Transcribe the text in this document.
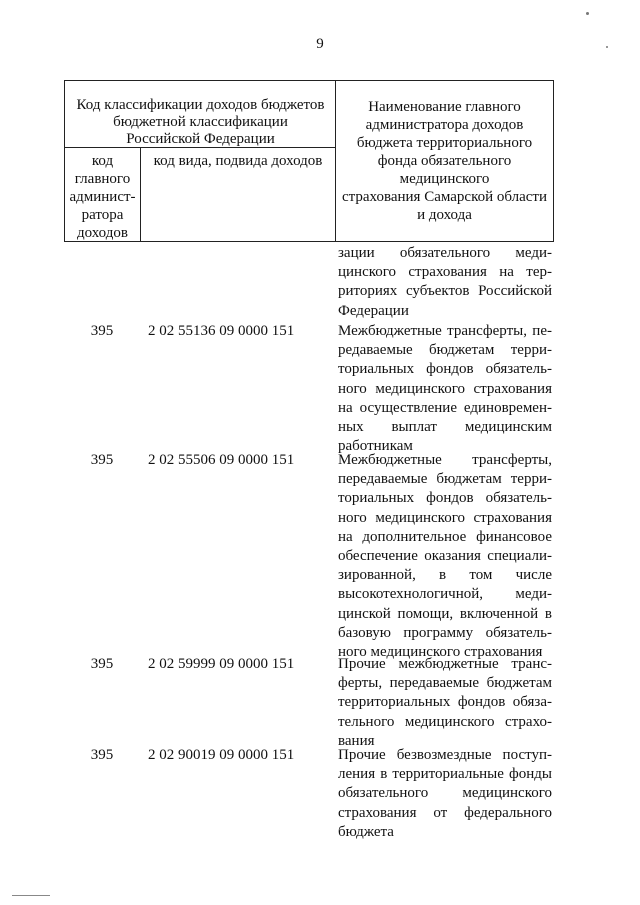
9
Код классификации доходов бюджетов
бюджетной классификации
Российской Федерации
код
главного
админист-
ратора
доходов
код вида, подвида доходов
Наименование главного
администратора доходов
бюджета территориального
фонда обязательного
медицинского
страхования Самарской области
и дохода
зации обязательного меди-
цинского страхования на тер-
риториях субъектов Российской
Федерации
395	2 02 55136 09 0000 151	Межбюджетные трансферты, пе-
редаваемые бюджетам терри-
ториальных фондов обязатель-
ного медицинского страхования
на осуществление единовремен-
ных выплат медицинским
работникам
395	2 02 55506 09 0000 151	Межбюджетные трансферты,
передаваемые бюджетам терри-
ториальных фондов обязатель-
ного медицинского страхования
на дополнительное финансовое
обеспечение оказания специали-
зированной, в том числе
высокотехнологичной, меди-
цинской помощи, включенной в
базовую программу обязатель-
ного медицинского страхования
395	2 02 59999 09 0000 151	Прочие межбюджетные транс-
ферты, передаваемые бюджетам
территориальных фондов обяза-
тельного медицинского страхо-
вания
395	2 02 90019 09 0000 151	Прочие безвозмездные поступ-
ления в территориальные фонды
обязательного медицинского
страхования от федерального
бюджета
